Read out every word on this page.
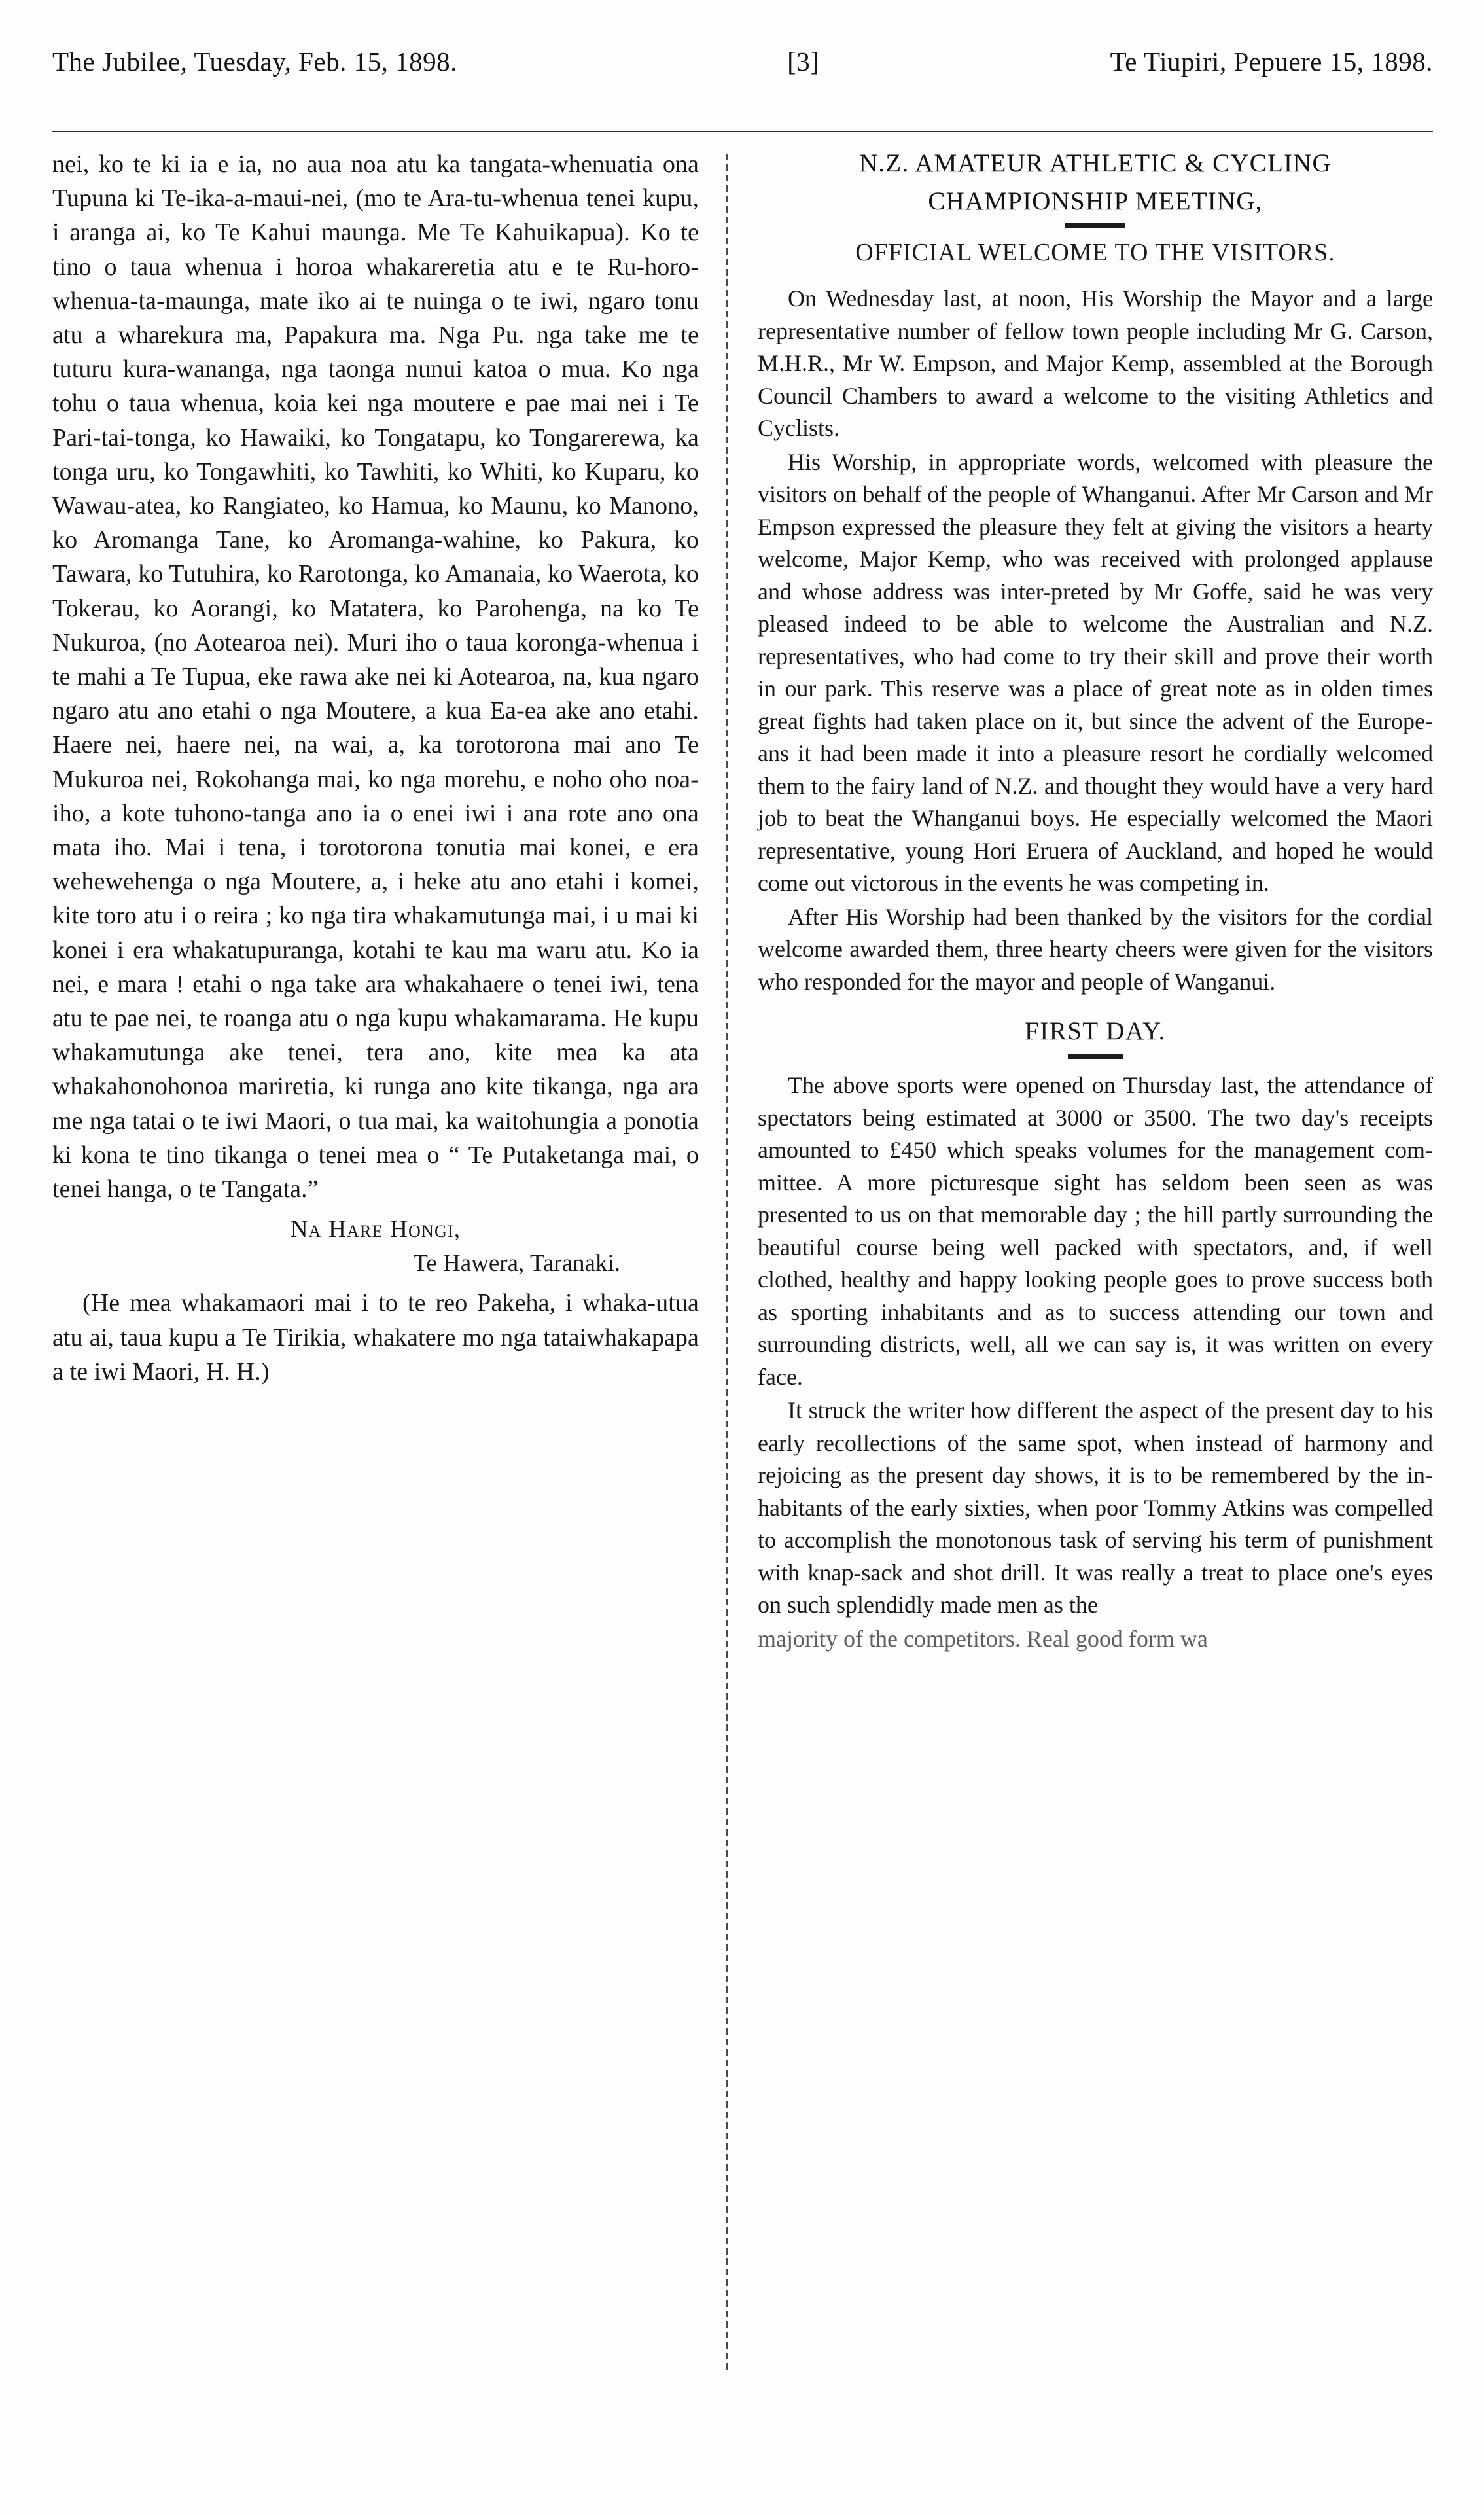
The Jubilee, Tuesday, Feb. 15, 1898.	[3]	Te Tiupiri, Pepuere 15, 1898.
nei, ko te ki ia e ia, no aua noa atu ka tangata-whenuatia ona Tupuna ki Te-ika-a-maui-nei, (mo te Ara-tu-whenua tenei kupu, i aranga ai, ko Te Kahui maunga. Me Te Kahuikapua). Ko te tino o taua whenua i horoa whakareretia atu e te Ru-horo-whenua-ta-maunga, mate iko ai te nuinga o te iwi, ngaro tonu atu a wharekura ma, Papakura ma. Nga Pu. nga take me te tuturu kura-wananga, nga taonga nunui katoa o mua. Ko nga tohu o taua whenua, koia kei nga moutere e pae mai nei i Te Pari-tai-tonga, ko Hawaiki, ko Tongatapu, ko Tongarerewa, ka tonga uru, ko Tongawhiti, ko Tawhiti, ko Whiti, ko Kuparu, ko Wawau-atea, ko Rangiateo, ko Hamua, ko Maunu, ko Manono, ko Aromanga Tane, ko Aromanga-wahine, ko Pakura, ko Tawara, ko Tutuhira, ko Rarotonga, ko Amanaia, ko Waerota, ko Tokerau, ko Aorangi, ko Matatera, ko Parohenga, na ko Te Nukuroa, (no Aotearoa nei). Muri iho o taua koronga-whenua i te mahi a Te Tupua, eke rawa ake nei ki Aotearoa, na, kua ngaro ngaro atu ano etahi o nga Moutere, a kua Ea-ea ake ano etahi. Haere nei, haere nei, na wai, a, ka torotorona mai ano Te Mukuroa nei, Rokohanga mai, ko nga morehu, e noho oho noa-iho, a kote tuhono-tanga ano ia o enei iwi i ana rote ano ona mata iho. Mai i tena, i torotorona tonutia mai konei, e era wehewehenga o nga Moutere, a, i heke atu ano etahi i komei, kite toro atu i o reira ; ko nga tira whakamutunga mai, i u mai ki konei i era whakatupuranga, kotahi te kau ma waru atu. Ko ia nei, e mara ! etahi o nga take ara whakahaere o tenei iwi, tena atu te pae nei, te roanga atu o nga kupu whakamarama. He kupu whakamutunga ake tenei, tera ano, kite mea ka ata whakahonohonoa mariretia, ki runga ano kite tikanga, nga ara me nga tatai o te iwi Maori, o tua mai, ka waitohungia a ponotia ki kona te tino tikanga o tenei mea o “ Te Putaketanga mai, o tenei hanga, o te Tangata.”
Na Hare Hongi,
Te Hawera, Taranaki.
(He mea whakamaori mai i to te reo Pakeha, i whaka-utua atu ai, taua kupu a Te Tirikia, whakatere mo nga tataiwhakapapa a te iwi Maori, H. H.)
N.Z. AMATEUR ATHLETIC & CYCLING
CHAMPIONSHIP MEETING,
OFFICIAL WELCOME TO THE VISITORS.
On Wednesday last, at noon, His Worship the Mayor and a large representative number of fellow town people including Mr G. Carson, M.H.R., Mr W. Empson, and Major Kemp, assembled at the Borough Council Chambers to award a welcome to the visiting Athletics and Cyclists.
His Worship, in appropriate words, welcomed with pleasure the visitors on behalf of the people of Whanganui. After Mr Carson and Mr Empson expressed the pleasure they felt at giving the visitors a hearty welcome, Major Kemp, who was received with prolonged applause and whose address was inter-preted by Mr Goffe, said he was very pleased indeed to be able to welcome the Australian and N.Z. representatives, who had come to try their skill and prove their worth in our park. This reserve was a place of great note as in olden times great fights had taken place on it, but since the advent of the Europe-ans it had been made it into a pleasure resort he cordially welcomed them to the fairy land of N.Z. and thought they would have a very hard job to beat the Whanganui boys. He especially welcomed the Maori representative, young Hori Eruera of Auckland, and hoped he would come out victorous in the events he was competing in.
After His Worship had been thanked by the visitors for the cordial welcome awarded them, three hearty cheers were given for the visitors who responded for the mayor and people of Wanganui.
FIRST DAY.
The above sports were opened on Thursday last, the attendance of spectators being estimated at 3000 or 3500. The two day's receipts amounted to £450 which speaks volumes for the management com-mittee. A more picturesque sight has seldom been seen as was presented to us on that memorable day ; the hill partly surrounding the beautiful course being well packed with spectators, and, if well clothed, healthy and happy looking people goes to prove success both as sporting inhabitants and as to success attending our town and surrounding districts, well, all we can say is, it was written on every face.
It struck the writer how different the aspect of the present day to his early recollections of the same spot, when instead of harmony and rejoicing as the present day shows, it is to be remembered by the in-habitants of the early sixties, when poor Tommy Atkins was compelled to accomplish the monotonous task of serving his term of punishment with knap-sack and shot drill. It was really a treat to place one's eyes on such splendidly made men as the
majority of the competitors. Real good form wa
